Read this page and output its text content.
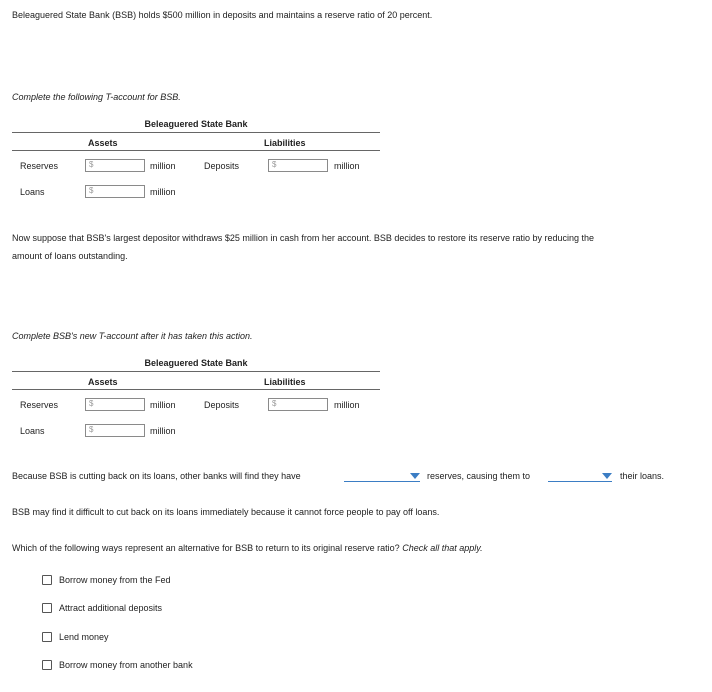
Beleaguered State Bank (BSB) holds $500 million in deposits and maintains a reserve ratio of 20 percent.
Complete the following T-account for BSB.
Beleaguered State Bank
Assets	Liabilities
Reserves	$	million	Deposits	$	million
Loans	$	million
Now suppose that BSB's largest depositor withdraws $25 million in cash from her account. BSB decides to restore its reserve ratio by reducing the
amount of loans outstanding.
Complete BSB's new T-account after it has taken this action.
Beleaguered State Bank
Assets	Liabilities
Reserves	$	million	Deposits	$	million
Loans	$	million
Because BSB is cutting back on its loans, other banks will find they have	reserves, causing them to	their loans.
BSB may find it difficult to cut back on its loans immediately because it cannot force people to pay off loans.
Which of the following ways represent an alternative for BSB to return to its original reserve ratio? Check all that apply.
Borrow money from the Fed
Attract additional deposits
Lend money
Borrow money from another bank
